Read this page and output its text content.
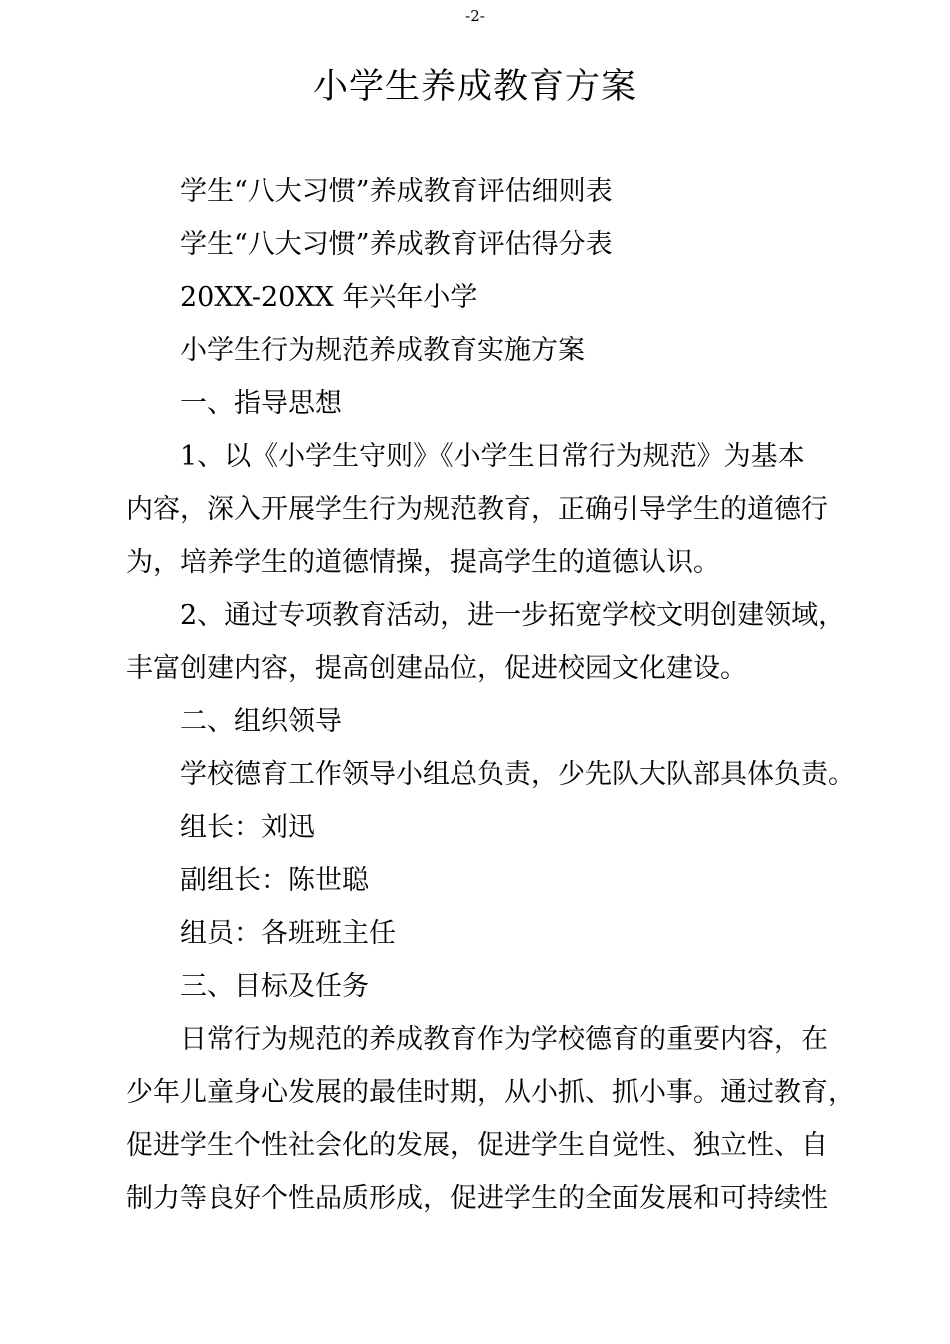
-2-
小学生养成教育方案
学生“八大习惯”养成教育评估细则表
学生“八大习惯”养成教育评估得分表
20XX-20XX 年兴年小学
小学生行为规范养成教育实施方案
一、指导思想
1、以《小学生守则》《小学生日常行为规范》为基本
内容，深入开展学生行为规范教育，正确引导学生的道德行
为，培养学生的道德情操，提高学生的道德认识。
2、通过专项教育活动，进一步拓宽学校文明创建领域，
丰富创建内容，提高创建品位，促进校园文化建设。
二、组织领导
学校德育工作领导小组总负责，少先队大队部具体负责。
组长：刘迅
副组长：陈世聪
组员：各班班主任
三、目标及任务
日常行为规范的养成教育作为学校德育的重要内容，在
少年儿童身心发展的最佳时期，从小抓、抓小事。通过教育，
促进学生个性社会化的发展，促进学生自觉性、独立性、自
制力等良好个性品质形成，促进学生的全面发展和可持续性
